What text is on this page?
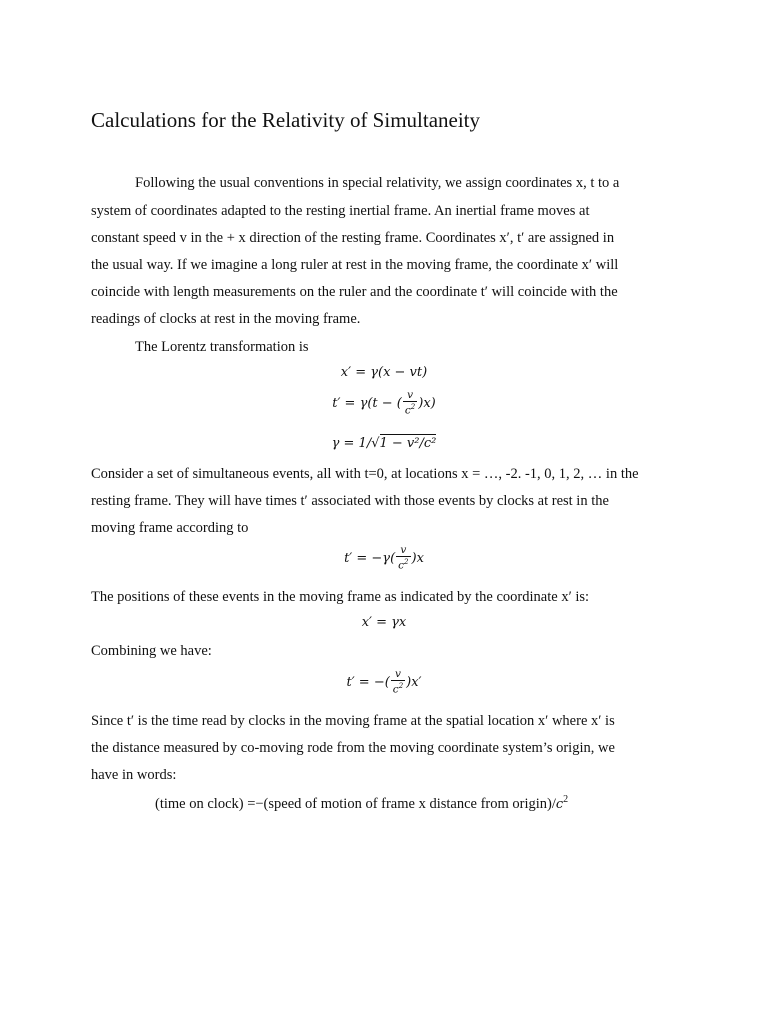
Calculations for the Relativity of Simultaneity
Following the usual conventions in special relativity, we assign coordinates x, t to a
system of coordinates adapted to the resting inertial frame. An inertial frame moves at
constant speed v in the + x direction of the resting frame. Coordinates x′, t′ are assigned in
the usual way. If we imagine a long ruler at rest in the moving frame, the coordinate x′ will
coincide with length measurements on the ruler and the coordinate t′ will coincide with the
readings of clocks at rest in the moving frame.
The Lorentz transformation is
x′ = γ(x − vt)
t′ = γ(t − ( $\frac{v}{c^2} )x$)
γ = 1/√1 − v²/c²
Consider a set of simultaneous events, all with t=0, at locations x = …, -2. -1, 0, 1, 2, … in the
resting frame. They will have times t′ associated with those events by clocks at rest in the
moving frame according to
$t' = -\gamma( \frac{v}{c^2} )x$
The positions of these events in the moving frame as indicated by the coordinate x′ is:
x′ = γx
Combining we have:
t′ = −( $\frac{v}{c^2} )x'$
Since t′ is the time read by clocks in the moving frame at the spatial location x′ where x′ is
the distance measured by co-moving rode from the moving coordinate system’s origin, we
have in words:
(time on clock) =−(speed of motion of frame x distance from $origin)/c^2$
